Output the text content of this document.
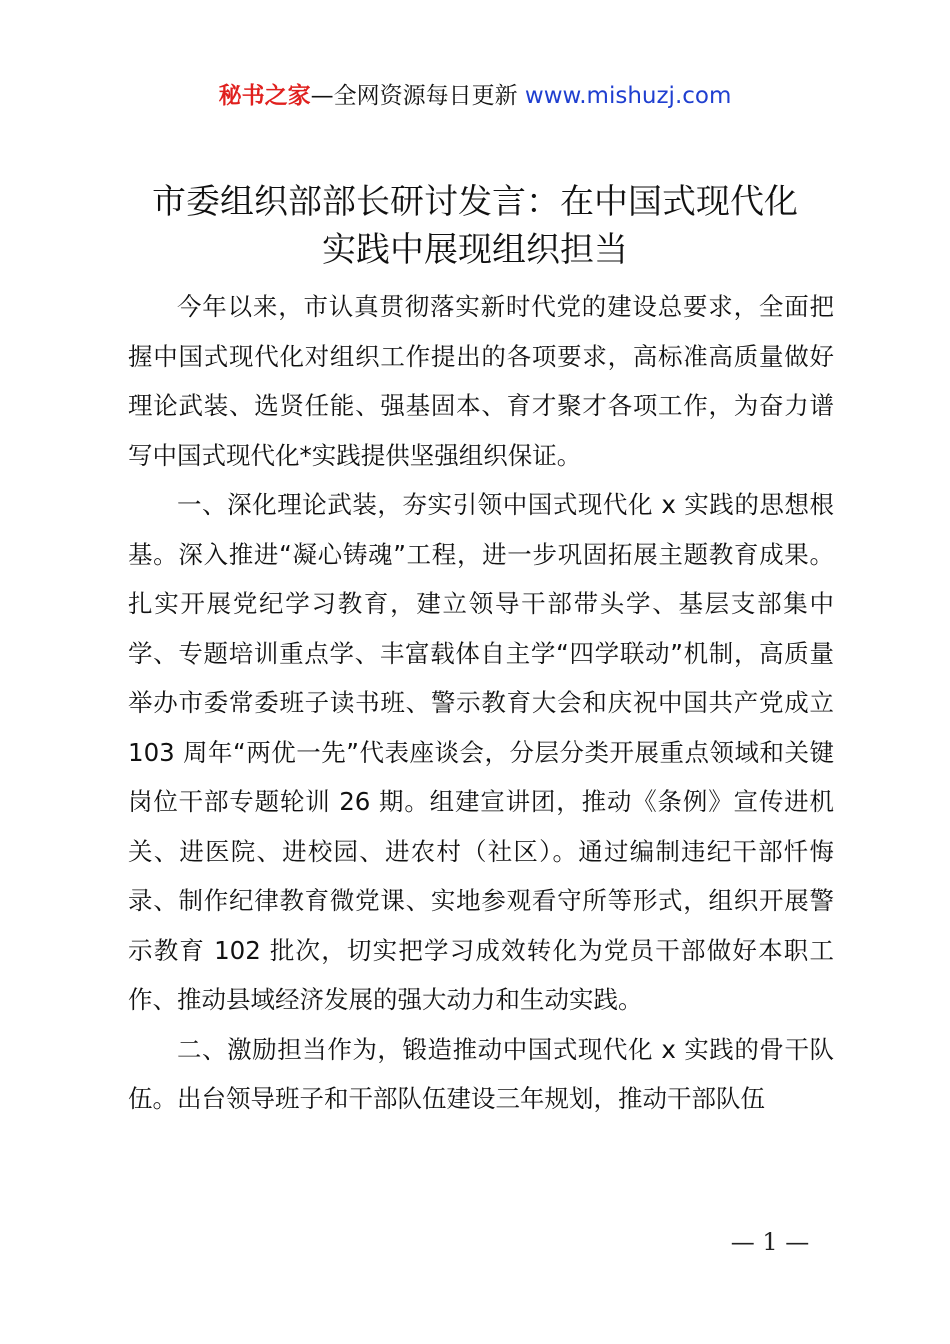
秘书之家—全网资源每日更新 www.mishuzj.com
市委组织部部长研讨发言：在中国式现代化
实践中展现组织担当

今年以来，市认真贯彻落实新时代党的建设总要求，全面把握中国式现代化对组织工作提出的各项要求，高标准高质量做好理论武装、选贤任能、强基固本、育才聚才各项工作，为奋力谱写中国式现代化*实践提供坚强组织保证。

一、深化理论武装，夯实引领中国式现代化 x 实践的思想根基。深入推进“凝心铸魂”工程，进一步巩固拓展主题教育成果。扎实开展党纪学习教育，建立领导干部带头学、基层支部集中学、专题培训重点学、丰富载体自主学“四学联动”机制，高质量举办市委常委班子读书班、警示教育大会和庆祝中国共产党成立 103 周年“两优一先”代表座谈会，分层分类开展重点领域和关键岗位干部专题轮训 26 期。组建宣讲团，推动《条例》宣传进机关、进医院、进校园、进农村（社区）。通过编制违纪干部忏悔录、制作纪律教育微党课、实地参观看守所等形式，组织开展警示教育 102 批次，切实把学习成效转化为党员干部做好本职工作、推动县域经济发展的强大动力和生动实践。

二、激励担当作为，锻造推动中国式现代化 x 实践的骨干队伍。出台领导班子和干部队伍建设三年规划，推动干部队伍

— 1 —
